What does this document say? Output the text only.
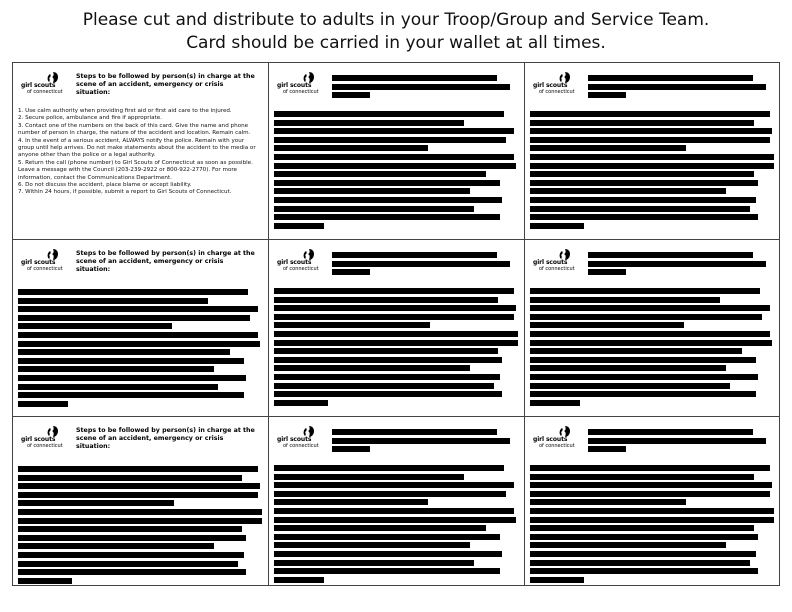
Please cut and distribute to adults in your Troop/Group and Service Team.
Card should be carried in your wallet at all times.
girl scouts
of connecticut
Steps to be followed by person(s) in charge at the scene of an accident, emergency or crisis situation:

1. Use calm authority when providing first aid or first aid care to the injured.

2. Secure police, ambulance and fire if appropriate.

3. Contact one of the numbers on the back of this card. Give the name and phone number of person in charge, the nature of the accident and location. Remain calm.

4. In the event of a serious accident, ALWAYS notify the police. Remain with your group until help arrives. Do not make statements about the accident to the media or anyone other than the police or a legal authority.

5. Return the call (phone number) to Girl Scouts of Connecticut as soon as possible. Leave a message with the Council (203-239-2922 or 800-922-2770). For more information, contact the Communications Department.

6. Do not discuss the accident, place blame or accept liability.

7. Within 24 hours, if possible, submit a report to Girl Scouts of Connecticut.

girl scouts
of connecticut
girl scouts
of connecticut
girl scouts
of connecticut
Steps to be followed by person(s) in charge at the scene of an accident, emergency or crisis situation:
girl scouts
of connecticut
girl scouts
of connecticut
girl scouts
of connecticut
Steps to be followed by person(s) in charge at the scene of an accident, emergency or crisis situation:
girl scouts
of connecticut
girl scouts
of connecticut
